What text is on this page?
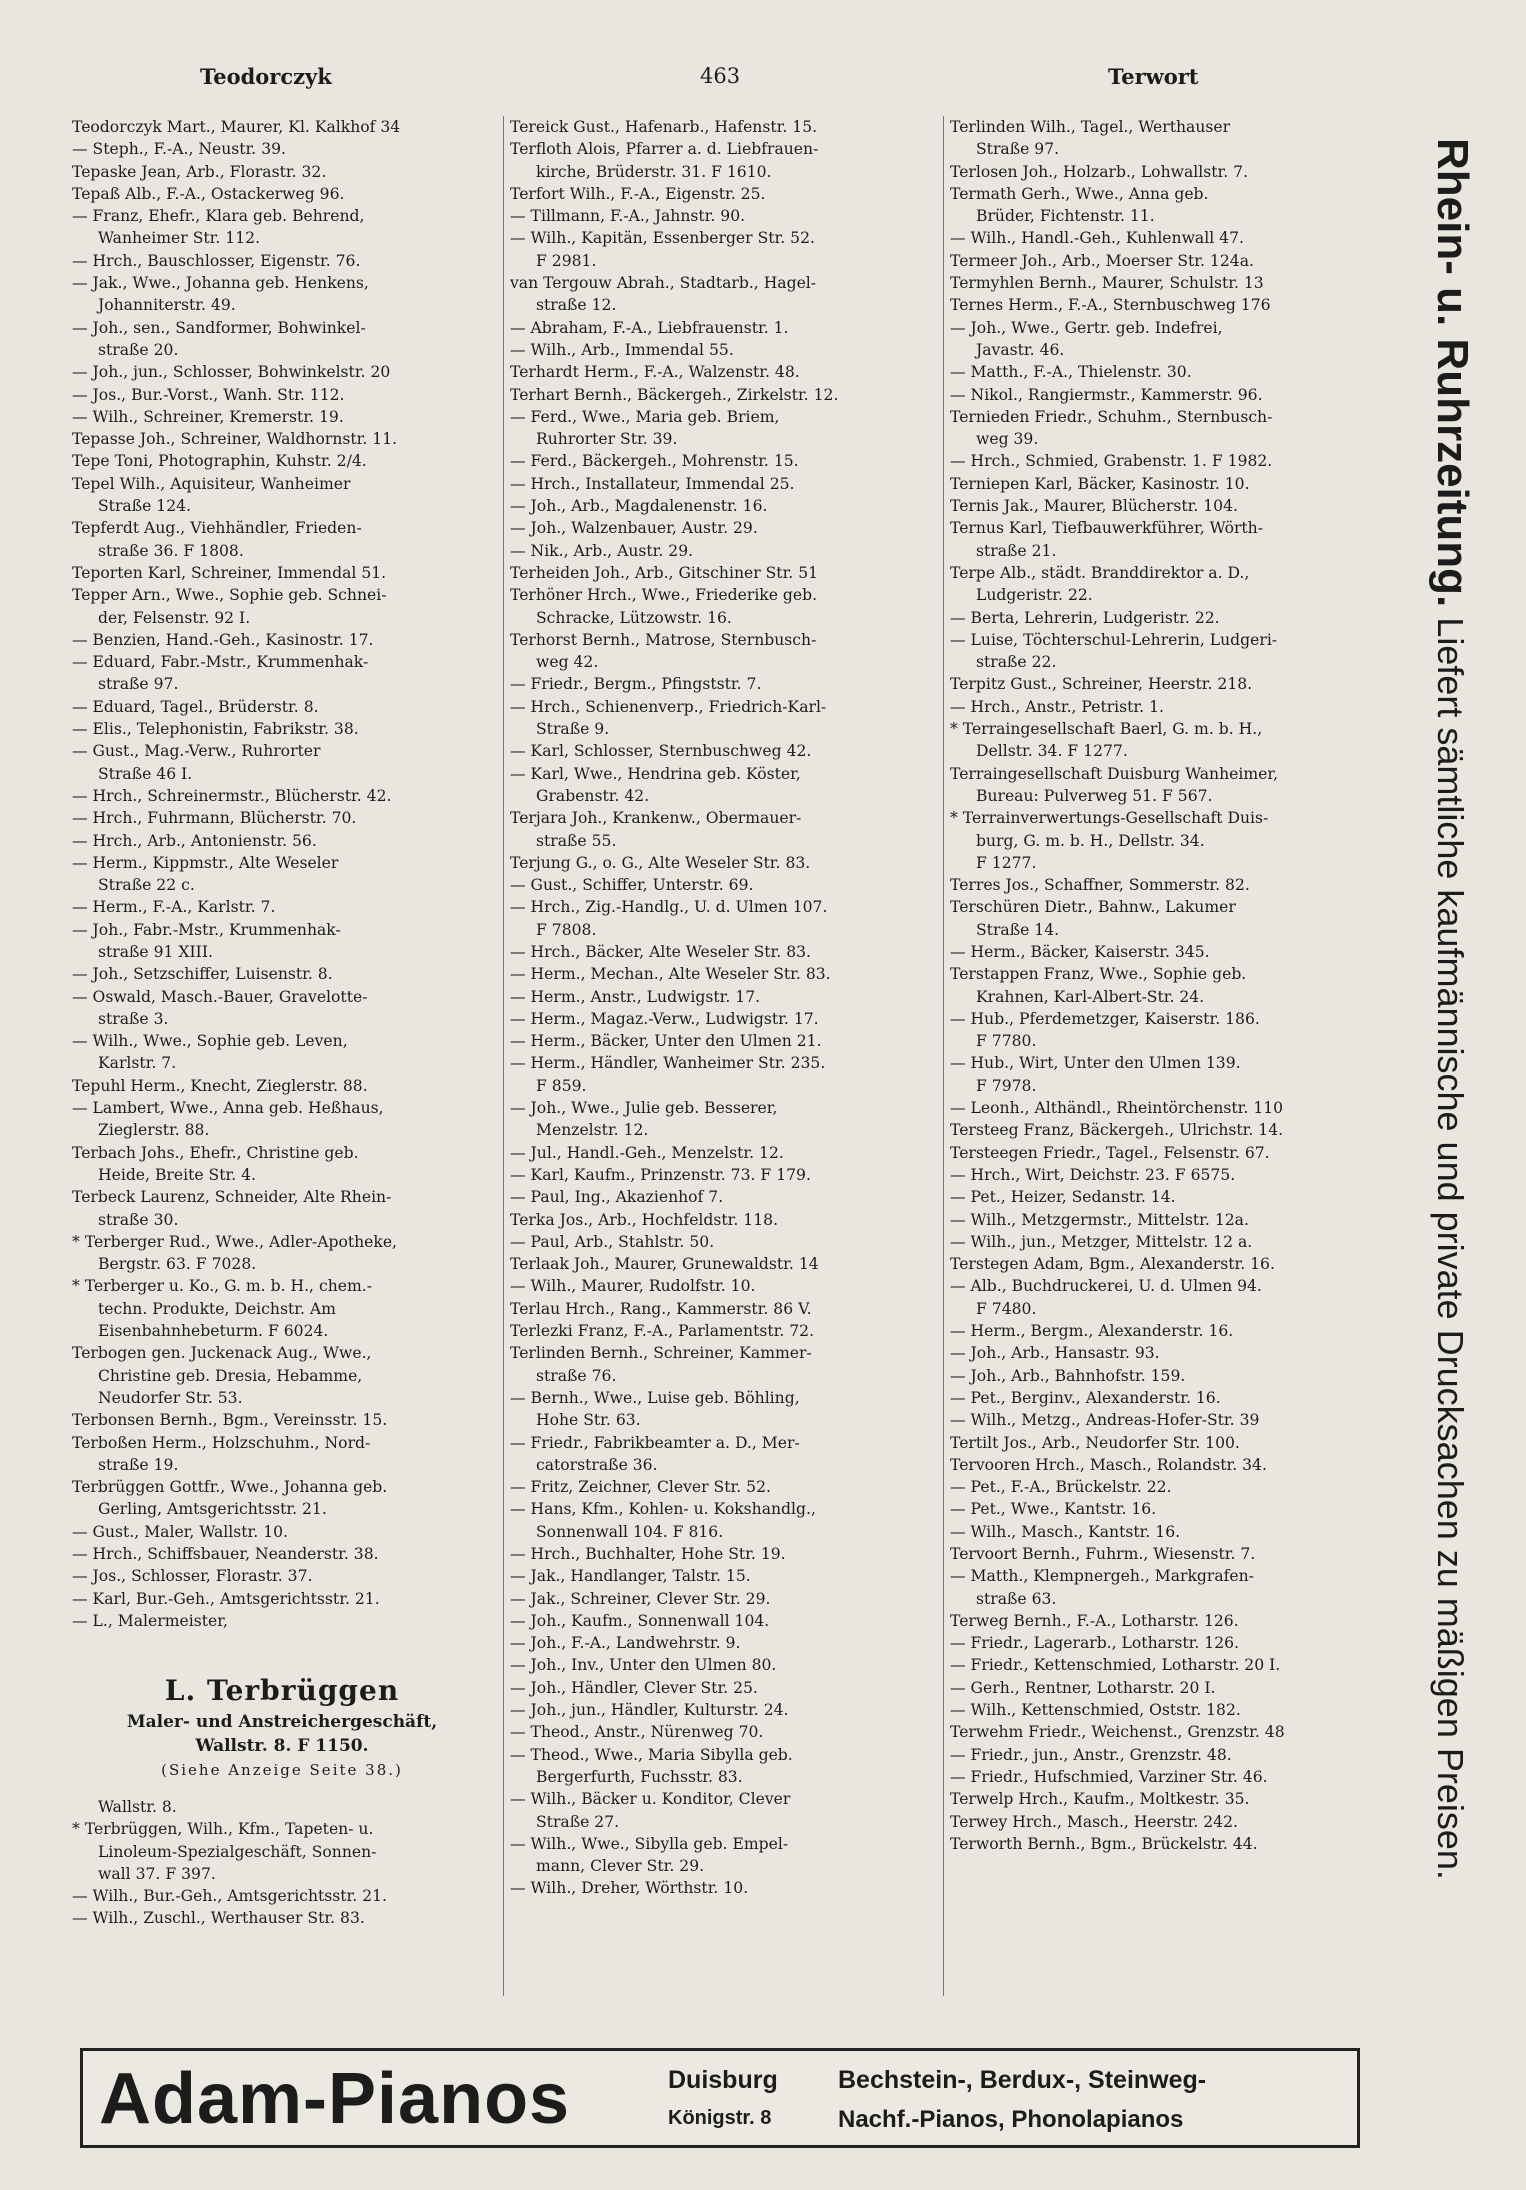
Teodorczyk	463	Terwort
Teodorczyk Mart., Maurer, Kl. Kalkhof 34
— Steph., F.-A., Neustr. 39.
Tepaske Jean, Arb., Florastr. 32.
Tepaß Alb., F.-A., Ostackerweg 96.
— Franz, Ehefr., Klara geb. Behrend,
Wanheimer Str. 112.
— Hrch., Bauschlosser, Eigenstr. 76.
— Jak., Wwe., Johanna geb. Henkens,
Johanniterstr. 49.
— Joh., sen., Sandformer, Bohwinkel-
straße 20.
— Joh., jun., Schlosser, Bohwinkelstr. 20
— Jos., Bur.-Vorst., Wanh. Str. 112.
— Wilh., Schreiner, Kremerstr. 19.
Tepasse Joh., Schreiner, Waldhornstr. 11.
Tepe Toni, Photographin, Kuhstr. 2/4.
Tepel Wilh., Aquisiteur, Wanheimer
Straße 124.
Tepferdt Aug., Viehhändler, Frieden-
straße 36. F 1808.
Teporten Karl, Schreiner, Immendal 51.
Tepper Arn., Wwe., Sophie geb. Schnei-
der, Felsenstr. 92 I.
— Benzien, Hand.-Geh., Kasinostr. 17.
— Eduard, Fabr.-Mstr., Krummenhak-
straße 97.
— Eduard, Tagel., Brüderstr. 8.
— Elis., Telephonistin, Fabrikstr. 38.
— Gust., Mag.-Verw., Ruhrorter
Straße 46 I.
— Hrch., Schreinermstr., Blücherstr. 42.
— Hrch., Fuhrmann, Blücherstr. 70.
— Hrch., Arb., Antonienstr. 56.
— Herm., Kippmstr., Alte Weseler
Straße 22 c.
— Herm., F.-A., Karlstr. 7.
— Joh., Fabr.-Mstr., Krummenhak-
straße 91 XIII.
— Joh., Setzschiffer, Luisenstr. 8.
— Oswald, Masch.-Bauer, Gravelotte-
straße 3.
— Wilh., Wwe., Sophie geb. Leven,
Karlstr. 7.
Tepuhl Herm., Knecht, Zieglerstr. 88.
— Lambert, Wwe., Anna geb. Heßhaus,
Zieglerstr. 88.
Terbach Johs., Ehefr., Christine geb.
Heide, Breite Str. 4.
Terbeck Laurenz, Schneider, Alte Rhein-
straße 30.
* Terberger Rud., Wwe., Adler-Apotheke,
Bergstr. 63. F 7028.
* Terberger u. Ko., G. m. b. H., chem.-
techn. Produkte, Deichstr. Am
Eisenbahnhebeturm. F 6024.
Terbogen gen. Juckenack Aug., Wwe.,
Christine geb. Dresia, Hebamme,
Neudorfer Str. 53.
Terbonsen Bernh., Bgm., Vereinsstr. 15.
Terboßen Herm., Holzschuhm., Nord-
straße 19.
Terbrüggen Gottfr., Wwe., Johanna geb.
Gerling, Amtsgerichtsstr. 21.
— Gust., Maler, Wallstr. 10.
— Hrch., Schiffsbauer, Neanderstr. 38.
— Jos., Schlosser, Florastr. 37.
— Karl, Bur.-Geh., Amtsgerichtsstr. 21.
— L., Malermeister,
Tereick Gust., Hafenarb., Hafenstr. 15.
Terfloth Alois, Pfarrer a. d. Liebfrauen-
kirche, Brüderstr. 31. F 1610.
Terfort Wilh., F.-A., Eigenstr. 25.
— Tillmann, F.-A., Jahnstr. 90.
— Wilh., Kapitän, Essenberger Str. 52.
F 2981.
van Tergouw Abrah., Stadtarb., Hagel-
straße 12.
— Abraham, F.-A., Liebfrauenstr. 1.
— Wilh., Arb., Immendal 55.
Terhardt Herm., F.-A., Walzenstr. 48.
Terhart Bernh., Bäckergeh., Zirkelstr. 12.
— Ferd., Wwe., Maria geb. Briem,
Ruhrorter Str. 39.
— Ferd., Bäckergeh., Mohrenstr. 15.
— Hrch., Installateur, Immendal 25.
— Joh., Arb., Magdalenenstr. 16.
— Joh., Walzenbauer, Austr. 29.
— Nik., Arb., Austr. 29.
Terheiden Joh., Arb., Gitschiner Str. 51
Terhöner Hrch., Wwe., Friederike geb.
Schracke, Lützowstr. 16.
Terhorst Bernh., Matrose, Sternbusch-
weg 42.
— Friedr., Bergm., Pfingststr. 7.
— Hrch., Schienenverp., Friedrich-Karl-
Straße 9.
— Karl, Schlosser, Sternbuschweg 42.
— Karl, Wwe., Hendrina geb. Köster,
Grabenstr. 42.
Terjara Joh., Krankenw., Obermauer-
straße 55.
Terjung G., o. G., Alte Weseler Str. 83.
— Gust., Schiffer, Unterstr. 69.
— Hrch., Zig.-Handlg., U. d. Ulmen 107.
F 7808.
— Hrch., Bäcker, Alte Weseler Str. 83.
— Herm., Mechan., Alte Weseler Str. 83.
— Herm., Anstr., Ludwigstr. 17.
— Herm., Magaz.-Verw., Ludwigstr. 17.
— Herm., Bäcker, Unter den Ulmen 21.
— Herm., Händler, Wanheimer Str. 235.
F 859.
— Joh., Wwe., Julie geb. Besserer,
Menzelstr. 12.
— Jul., Handl.-Geh., Menzelstr. 12.
— Karl, Kaufm., Prinzenstr. 73. F 179.
— Paul, Ing., Akazienhof 7.
Terka Jos., Arb., Hochfeldstr. 118.
— Paul, Arb., Stahlstr. 50.
Terlaak Joh., Maurer, Grunewaldstr. 14
— Wilh., Maurer, Rudolfstr. 10.
Terlau Hrch., Rang., Kammerstr. 86 V.
Terlezki Franz, F.-A., Parlamentstr. 72.
Terlinden Bernh., Schreiner, Kammer-
straße 76.
— Bernh., Wwe., Luise geb. Böhling,
Hohe Str. 63.
— Friedr., Fabrikbeamter a. D., Mer-
catorstraße 36.
— Fritz, Zeichner, Clever Str. 52.
— Hans, Kfm., Kohlen- u. Kokshandlg.,
Sonnenwall 104. F 816.
— Hrch., Buchhalter, Hohe Str. 19.
— Jak., Handlanger, Talstr. 15.
— Jak., Schreiner, Clever Str. 29.
— Joh., Kaufm., Sonnenwall 104.
— Joh., F.-A., Landwehrstr. 9.
— Joh., Inv., Unter den Ulmen 80.
— Joh., Händler, Clever Str. 25.
— Joh., jun., Händler, Kulturstr. 24.
— Theod., Anstr., Nürenweg 70.
— Theod., Wwe., Maria Sibylla geb.
Bergerfurth, Fuchsstr. 83.
— Wilh., Bäcker u. Konditor, Clever
Straße 27.
— Wilh., Wwe., Sibylla geb. Empel-
mann, Clever Str. 29.
— Wilh., Dreher, Wörthstr. 10.
Terlinden Wilh., Tagel., Werthauser
Straße 97.
Terlosen Joh., Holzarb., Lohwallstr. 7.
Termath Gerh., Wwe., Anna geb.
Brüder, Fichtenstr. 11.
— Wilh., Handl.-Geh., Kuhlenwall 47.
Termeer Joh., Arb., Moerser Str. 124a.
Termyhlen Bernh., Maurer, Schulstr. 13
Ternes Herm., F.-A., Sternbuschweg 176
— Joh., Wwe., Gertr. geb. Indefrei,
Javastr. 46.
— Matth., F.-A., Thielenstr. 30.
— Nikol., Rangiermstr., Kammerstr. 96.
Ternieden Friedr., Schuhm., Sternbusch-
weg 39.
— Hrch., Schmied, Grabenstr. 1. F 1982.
Terniepen Karl, Bäcker, Kasinostr. 10.
Ternis Jak., Maurer, Blücherstr. 104.
Ternus Karl, Tiefbauwerkführer, Wörth-
straße 21.
Terpe Alb., städt. Branddirektor a. D.,
Ludgeristr. 22.
— Berta, Lehrerin, Ludgeristr. 22.
— Luise, Töchterschul-Lehrerin, Ludgeri-
straße 22.
Terpitz Gust., Schreiner, Heerstr. 218.
— Hrch., Anstr., Petristr. 1.
* Terraingesellschaft Baerl, G. m. b. H.,
Dellstr. 34. F 1277.
Terraingesellschaft Duisburg Wanheimer,
Bureau: Pulverweg 51. F 567.
* Terrainverwertungs-Gesellschaft Duis-
burg, G. m. b. H., Dellstr. 34.
F 1277.
Terres Jos., Schaffner, Sommerstr. 82.
Terschüren Dietr., Bahnw., Lakumer
Straße 14.
— Herm., Bäcker, Kaiserstr. 345.
Terstappen Franz, Wwe., Sophie geb.
Krahnen, Karl-Albert-Str. 24.
— Hub., Pferdemetzger, Kaiserstr. 186.
F 7780.
— Hub., Wirt, Unter den Ulmen 139.
F 7978.
— Leonh., Althändl., Rheintörchenstr. 110
Tersteeg Franz, Bäckergeh., Ulrichstr. 14.
Tersteegen Friedr., Tagel., Felsenstr. 67.
— Hrch., Wirt, Deichstr. 23. F 6575.
— Pet., Heizer, Sedanstr. 14.
— Wilh., Metzgermstr., Mittelstr. 12a.
— Wilh., jun., Metzger, Mittelstr. 12 a.
Terstegen Adam, Bgm., Alexanderstr. 16.
— Alb., Buchdruckerei, U. d. Ulmen 94.
F 7480.
— Herm., Bergm., Alexanderstr. 16.
— Joh., Arb., Hansastr. 93.
— Joh., Arb., Bahnhofstr. 159.
— Pet., Berginv., Alexanderstr. 16.
— Wilh., Metzg., Andreas-Hofer-Str. 39
Tertilt Jos., Arb., Neudorfer Str. 100.
Tervooren Hrch., Masch., Rolandstr. 34.
— Pet., F.-A., Brückelstr. 22.
— Pet., Wwe., Kantstr. 16.
— Wilh., Masch., Kantstr. 16.
Tervoort Bernh., Fuhrm., Wiesenstr. 7.
— Matth., Klempnergeh., Markgrafen-
straße 63.
Terweg Bernh., F.-A., Lotharstr. 126.
— Friedr., Lagerarb., Lotharstr. 126.
— Friedr., Kettenschmied, Lotharstr. 20 I.
— Gerh., Rentner, Lotharstr. 20 I.
— Wilh., Kettenschmied, Oststr. 182.
Terwehm Friedr., Weichenst., Grenzstr. 48
— Friedr., jun., Anstr., Grenzstr. 48.
— Friedr., Hufschmied, Varziner Str. 46.
Terwelp Hrch., Kaufm., Moltkestr. 35.
Terwey Hrch., Masch., Heerstr. 242.
Terworth Bernh., Bgm., Brückelstr. 44.
L. Terbrüggen
Maler- und Anstreichergeschäft,
Wallstr. 8. F 1150.
(Siehe Anzeige Seite 38.)
Wallstr. 8.
* Terbrüggen, Wilh., Kfm., Tapeten- u.
Linoleum-Spezialgeschäft, Sonnen-
wall 37. F 397.
— Wilh., Bur.-Geh., Amtsgerichtsstr. 21.
— Wilh., Zuschl., Werthauser Str. 83.
Rhein- u. Ruhrzeitung. Liefert sämtliche kaufmännische und private Drucksachen zu mäßigen Preisen.
Adam-Pianos	Duisburg
Königstr. 8
Bechstein-, Berdux-, Steinweg-
Nachf.-Pianos, Phonolapianos
